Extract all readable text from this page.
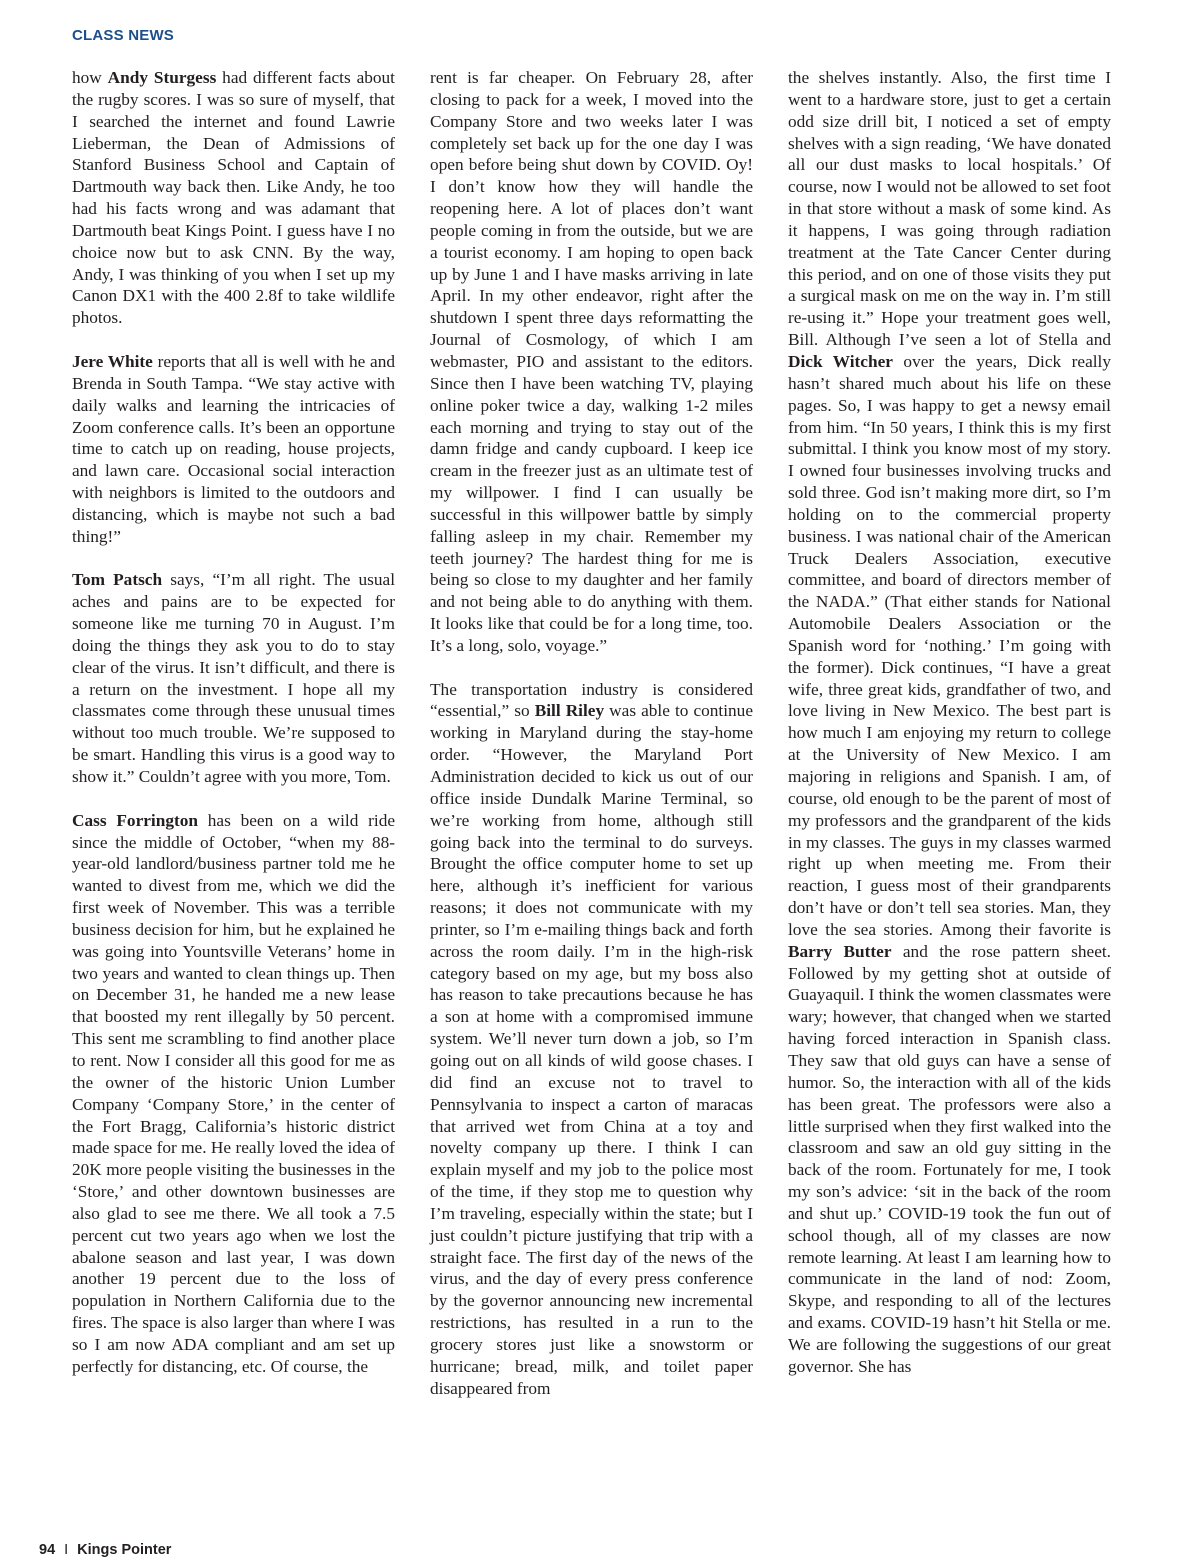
CLASS NEWS

how Andy Sturgess had different facts about the rugby scores. I was so sure of myself, that I searched the internet and found Lawrie Lieberman, the Dean of Admissions of Stanford Business School and Captain of Dartmouth way back then. Like Andy, he too had his facts wrong and was adamant that Dartmouth beat Kings Point. I guess have I no choice now but to ask CNN. By the way, Andy, I was thinking of you when I set up my Canon DX1 with the 400 2.8f to take wildlife photos.

Jere White reports that all is well with he and Brenda in South Tampa. “We stay active with daily walks and learning the intricacies of Zoom conference calls. It’s been an opportune time to catch up on reading, house projects, and lawn care. Occasional social interaction with neighbors is limited to the outdoors and distancing, which is maybe not such a bad thing!”

Tom Patsch says, “I’m all right. The usual aches and pains are to be expected for someone like me turning 70 in August. I’m doing the things they ask you to do to stay clear of the virus. It isn’t difficult, and there is a return on the investment. I hope all my classmates come through these unusual times without too much trouble. We’re supposed to be smart. Handling this virus is a good way to show it.” Couldn’t agree with you more, Tom.

Cass Forrington has been on a wild ride since the middle of October, “when my 88-year-old landlord/business partner told me he wanted to divest from me, which we did the first week of November. This was a terrible business decision for him, but he explained he was going into Yountsville Veterans’ home in two years and wanted to clean things up. Then on December 31, he handed me a new lease that boosted my rent illegally by 50 percent. This sent me scrambling to find another place to rent. Now I consider all this good for me as the owner of the historic Union Lumber Company ‘Company Store,’ in the center of the Fort Bragg, California’s historic district made space for me. He really loved the idea of 20K more people visiting the businesses in the ‘Store,’ and other downtown businesses are also glad to see me there. We all took a 7.5 percent cut two years ago when we lost the abalone season and last year, I was down another 19 percent due to the loss of population in Northern California due to the fires. The space is also larger than where I was so I am now ADA compliant and am set up perfectly for distancing, etc. Of course, the

rent is far cheaper. On February 28, after closing to pack for a week, I moved into the Company Store and two weeks later I was completely set back up for the one day I was open before being shut down by COVID. Oy! I don’t know how they will handle the reopening here. A lot of places don’t want people coming in from the outside, but we are a tourist economy. I am hoping to open back up by June 1 and I have masks arriving in late April. In my other endeavor, right after the shutdown I spent three days reformatting the Journal of Cosmology, of which I am webmaster, PIO and assistant to the editors. Since then I have been watching TV, playing online poker twice a day, walking 1-2 miles each morning and trying to stay out of the damn fridge and candy cupboard. I keep ice cream in the freezer just as an ultimate test of my willpower. I find I can usually be successful in this willpower battle by simply falling asleep in my chair. Remember my teeth journey? The hardest thing for me is being so close to my daughter and her family and not being able to do anything with them. It looks like that could be for a long time, too. It’s a long, solo, voyage.”

The transportation industry is considered “essential,” so Bill Riley was able to continue working in Maryland during the stay-home order. “However, the Maryland Port Administration decided to kick us out of our office inside Dundalk Marine Terminal, so we’re working from home, although still going back into the terminal to do surveys. Brought the office computer home to set up here, although it’s inefficient for various reasons; it does not communicate with my printer, so I’m e-mailing things back and forth across the room daily. I’m in the high-risk category based on my age, but my boss also has reason to take precautions because he has a son at home with a compromised immune system. We’ll never turn down a job, so I’m going out on all kinds of wild goose chases. I did find an excuse not to travel to Pennsylvania to inspect a carton of maracas that arrived wet from China at a toy and novelty company up there. I think I can explain myself and my job to the police most of the time, if they stop me to question why I’m traveling, especially within the state; but I just couldn’t picture justifying that trip with a straight face. The first day of the news of the virus, and the day of every press conference by the governor announcing new incremental restrictions, has resulted in a run to the grocery stores just like a snowstorm or hurricane; bread, milk, and toilet paper disappeared from

the shelves instantly. Also, the first time I went to a hardware store, just to get a certain odd size drill bit, I noticed a set of empty shelves with a sign reading, ‘We have donated all our dust masks to local hospitals.’ Of course, now I would not be allowed to set foot in that store without a mask of some kind. As it happens, I was going through radiation treatment at the Tate Cancer Center during this period, and on one of those visits they put a surgical mask on me on the way in. I’m still re-using it.” Hope your treatment goes well, Bill. Although I’ve seen a lot of Stella and Dick Witcher over the years, Dick really hasn’t shared much about his life on these pages. So, I was happy to get a newsy email from him. “In 50 years, I think this is my first submittal. I think you know most of my story. I owned four businesses involving trucks and sold three. God isn’t making more dirt, so I’m holding on to the commercial property business. I was national chair of the American Truck Dealers Association, executive committee, and board of directors member of the NADA.” (That either stands for National Automobile Dealers Association or the Spanish word for ‘nothing.’ I’m going with the former). Dick continues, “I have a great wife, three great kids, grandfather of two, and love living in New Mexico. The best part is how much I am enjoying my return to college at the University of New Mexico. I am majoring in religions and Spanish. I am, of course, old enough to be the parent of most of my professors and the grandparent of the kids in my classes. The guys in my classes warmed right up when meeting me. From their reaction, I guess most of their grandparents don’t have or don’t tell sea stories. Man, they love the sea stories. Among their favorite is Barry Butter and the rose pattern sheet. Followed by my getting shot at outside of Guayaquil. I think the women classmates were wary; however, that changed when we started having forced interaction in Spanish class. They saw that old guys can have a sense of humor. So, the interaction with all of the kids has been great. The professors were also a little surprised when they first walked into the classroom and saw an old guy sitting in the back of the room. Fortunately for me, I took my son’s advice: ‘sit in the back of the room and shut up.’ COVID-19 took the fun out of school though, all of my classes are now remote learning. At least I am learning how to communicate in the land of nod: Zoom, Skype, and responding to all of the lectures and exams. COVID-19 hasn’t hit Stella or me. We are following the suggestions of our great governor. She has

94 I Kings Pointer
